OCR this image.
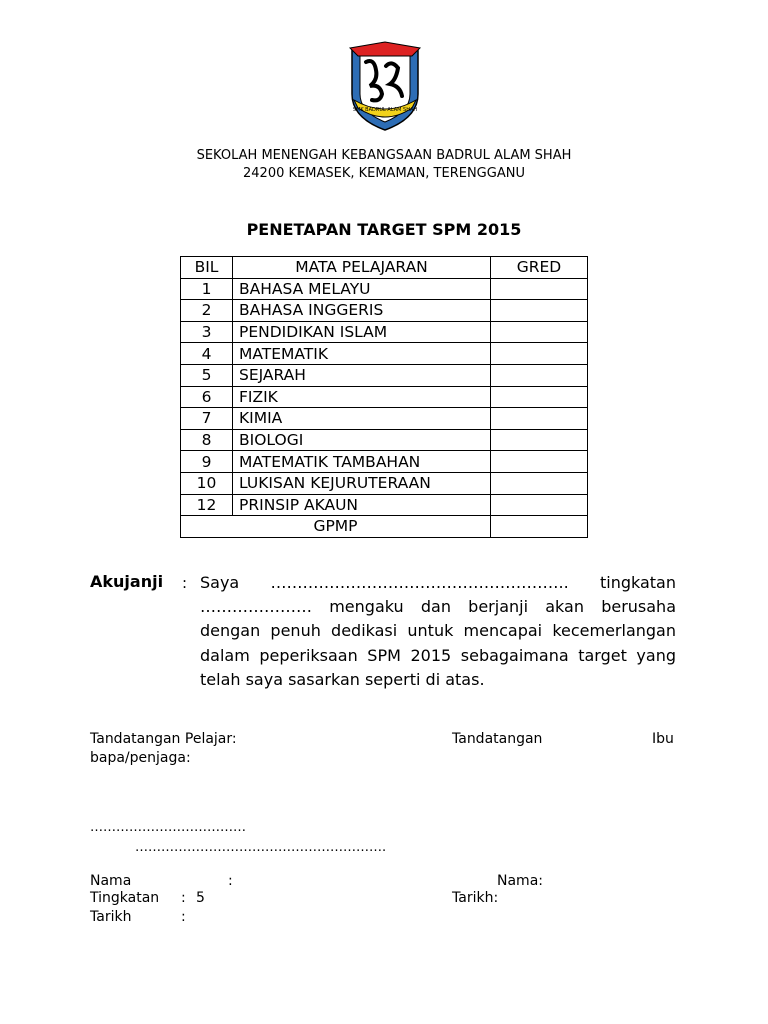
SMK BADRUL ALAM SHAH
SEKOLAH MENENGAH KEBANGSAAN BADRUL ALAM SHAH
24200 KEMASEK, KEMAMAN, TERENGGANU
PENETAPAN TARGET SPM 2015
BIL	MATA PELAJARAN	GRED
1	BAHASA MELAYU	
2	BAHASA INGGERIS	
3	PENDIDIKAN ISLAM	
4	MATEMATIK	
5	SEJARAH	
6	FIZIK	
7	KIMIA	
8	BIOLOGI	
9	MATEMATIK TAMBAHAN	
10	LUKISAN KEJURUTERAAN	
12	PRINSIP AKAUN	
GPMP		
Akujanji : Saya ……………………………………………….. tingkatan ………………… mengaku dan berjanji akan berusaha dengan penuh dedikasi untuk mencapai kecemerlangan dalam peperiksaan SPM 2015 sebagaimana target yang telah saya sasarkan seperti di atas.
Tandatangan Pelajar:	Tandatangan	Ibu
bapa/penjaga:
………………………………
………………………………………………….
Nama	:
Tingkatan : 5
Tarikh	:
Nama:
Tarikh:
